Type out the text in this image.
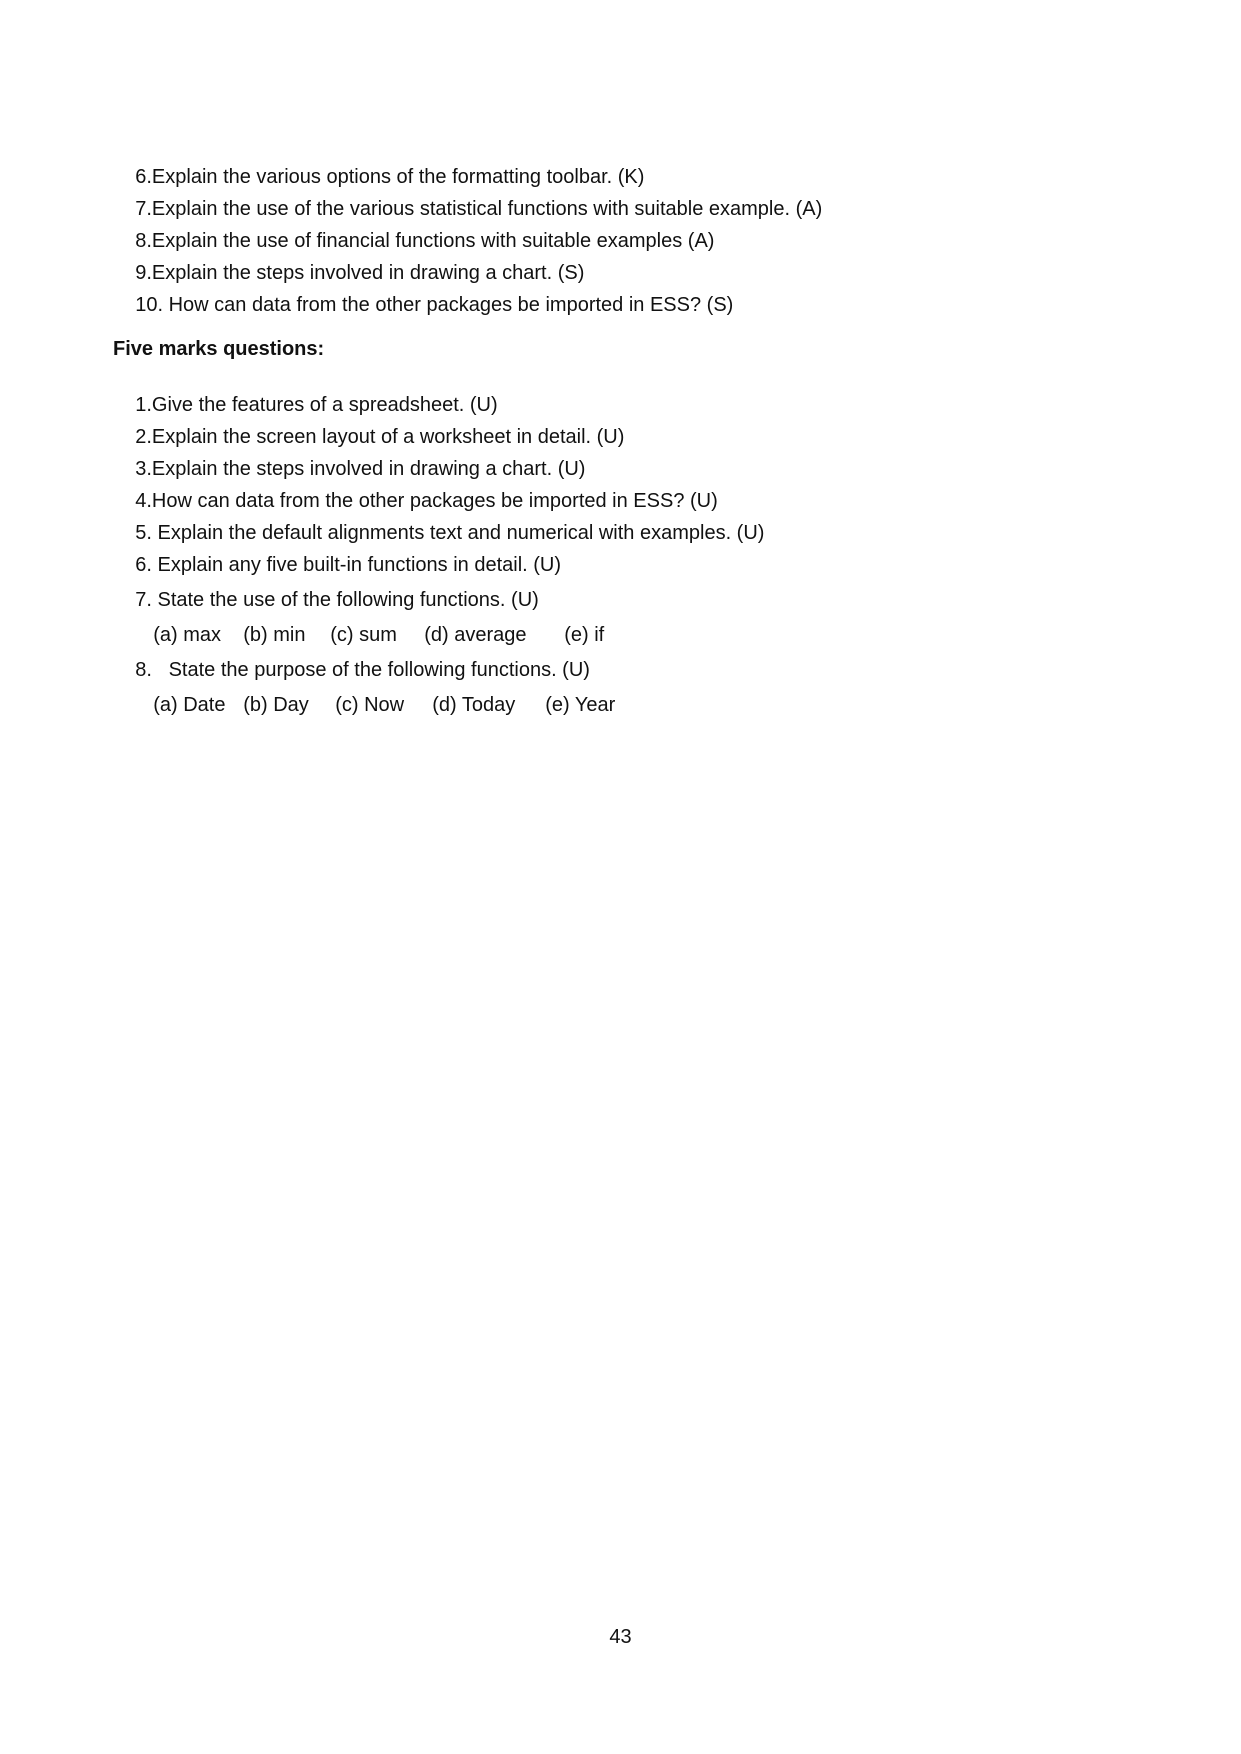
6.Explain the various options of the formatting toolbar. (K)

7.Explain the use of the various statistical functions with suitable example. (A)

8.Explain the use of financial functions with suitable examples (A)

9.Explain the steps involved in drawing a chart. (S)

10. How can data from the other packages be imported in ESS? (S)

Five marks questions:

1.Give the features of a spreadsheet. (U)

2.Explain the screen layout of a worksheet in detail. (U)

3.Explain the steps involved in drawing a chart. (U)

4.How can data from the other packages be imported in ESS? (U)

5. Explain the default alignments text and numerical with examples. (U)

6. Explain any five built-in functions in detail. (U)

7. State the use of the following functions. (U)

(a) max (b) min (c) sum (d) average (e) if

8.   State the purpose of the following functions. (U)

(a) Date (b) Day (c) Now (d) Today (e) Year

43
